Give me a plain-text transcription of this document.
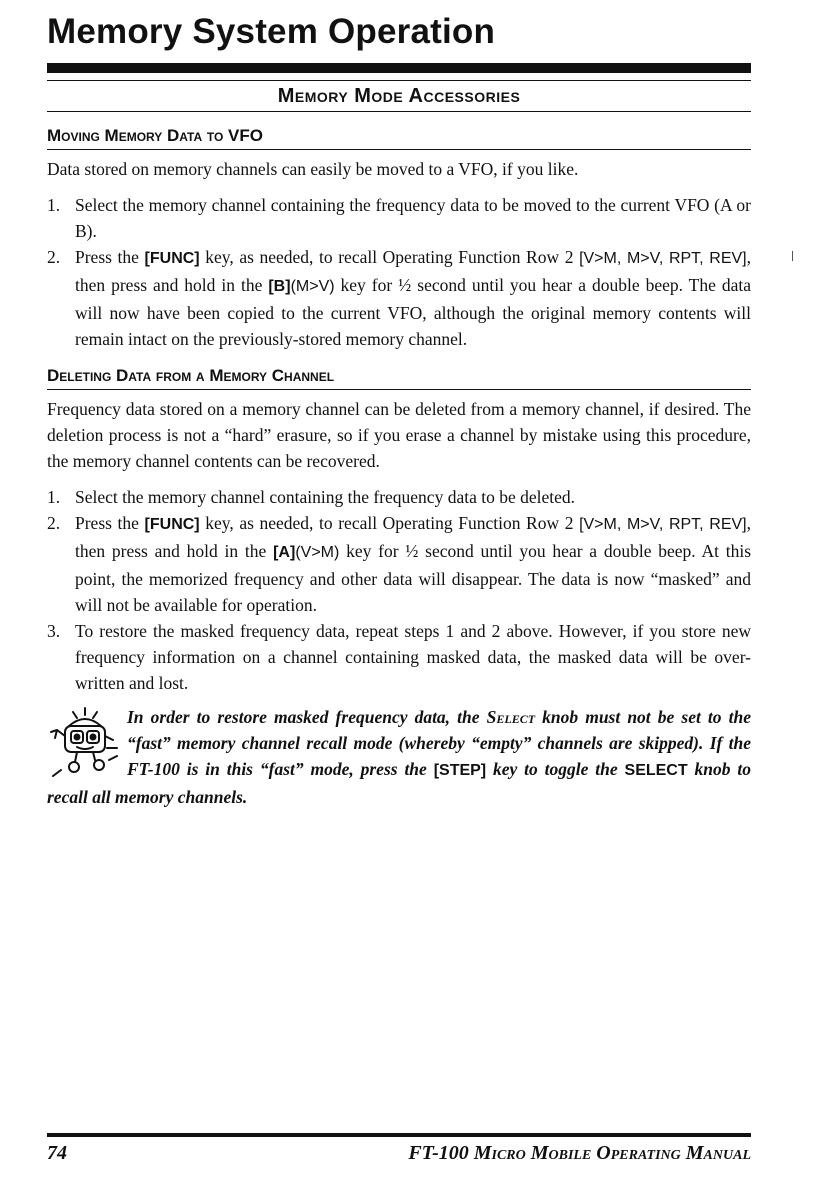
Memory System Operation
Memory Mode Accessories
Moving Memory Data to VFO

Data stored on memory channels can easily be moved to a VFO, if you like.

1. Select the memory channel containing the frequency data to be moved to the current VFO (A or B).
2. Press the [FUNC] key, as needed, to recall Operating Function Row 2 [V>M, M>V, RPT, REV], then press and hold in the [B](M>V) key for ½ second until you hear a double beep. The data will now have been copied to the current VFO, although the original memory contents will remain intact on the previously-stored memory channel.
Deleting Data from a Memory Channel

Frequency data stored on a memory channel can be deleted from a memory channel, if desired. The deletion process is not a “hard” erasure, so if you erase a channel by mistake using this procedure, the memory channel contents can be recovered.

1. Select the memory channel containing the frequency data to be deleted.
2. Press the [FUNC] key, as needed, to recall Operating Function Row 2 [V>M, M>V, RPT, REV], then press and hold in the [A](V>M) key for ½ second until you hear a double beep. At this point, the memorized frequency and other data will disappear. The data is now “masked” and will not be available for operation.
3. To restore the masked frequency data, repeat steps 1 and 2 above. However, if you store new frequency information on a channel containing masked data, the masked data will be over-written and lost.
In order to restore masked frequency data, the Select knob must not be set to the “fast” memory channel recall mode (whereby “empty” channels are skipped). If the FT-100 is in this “fast” mode, press the [STEP] key to toggle the SELECT knob to recall all memory channels.
74	FT-100 Micro Mobile Operating Manual
